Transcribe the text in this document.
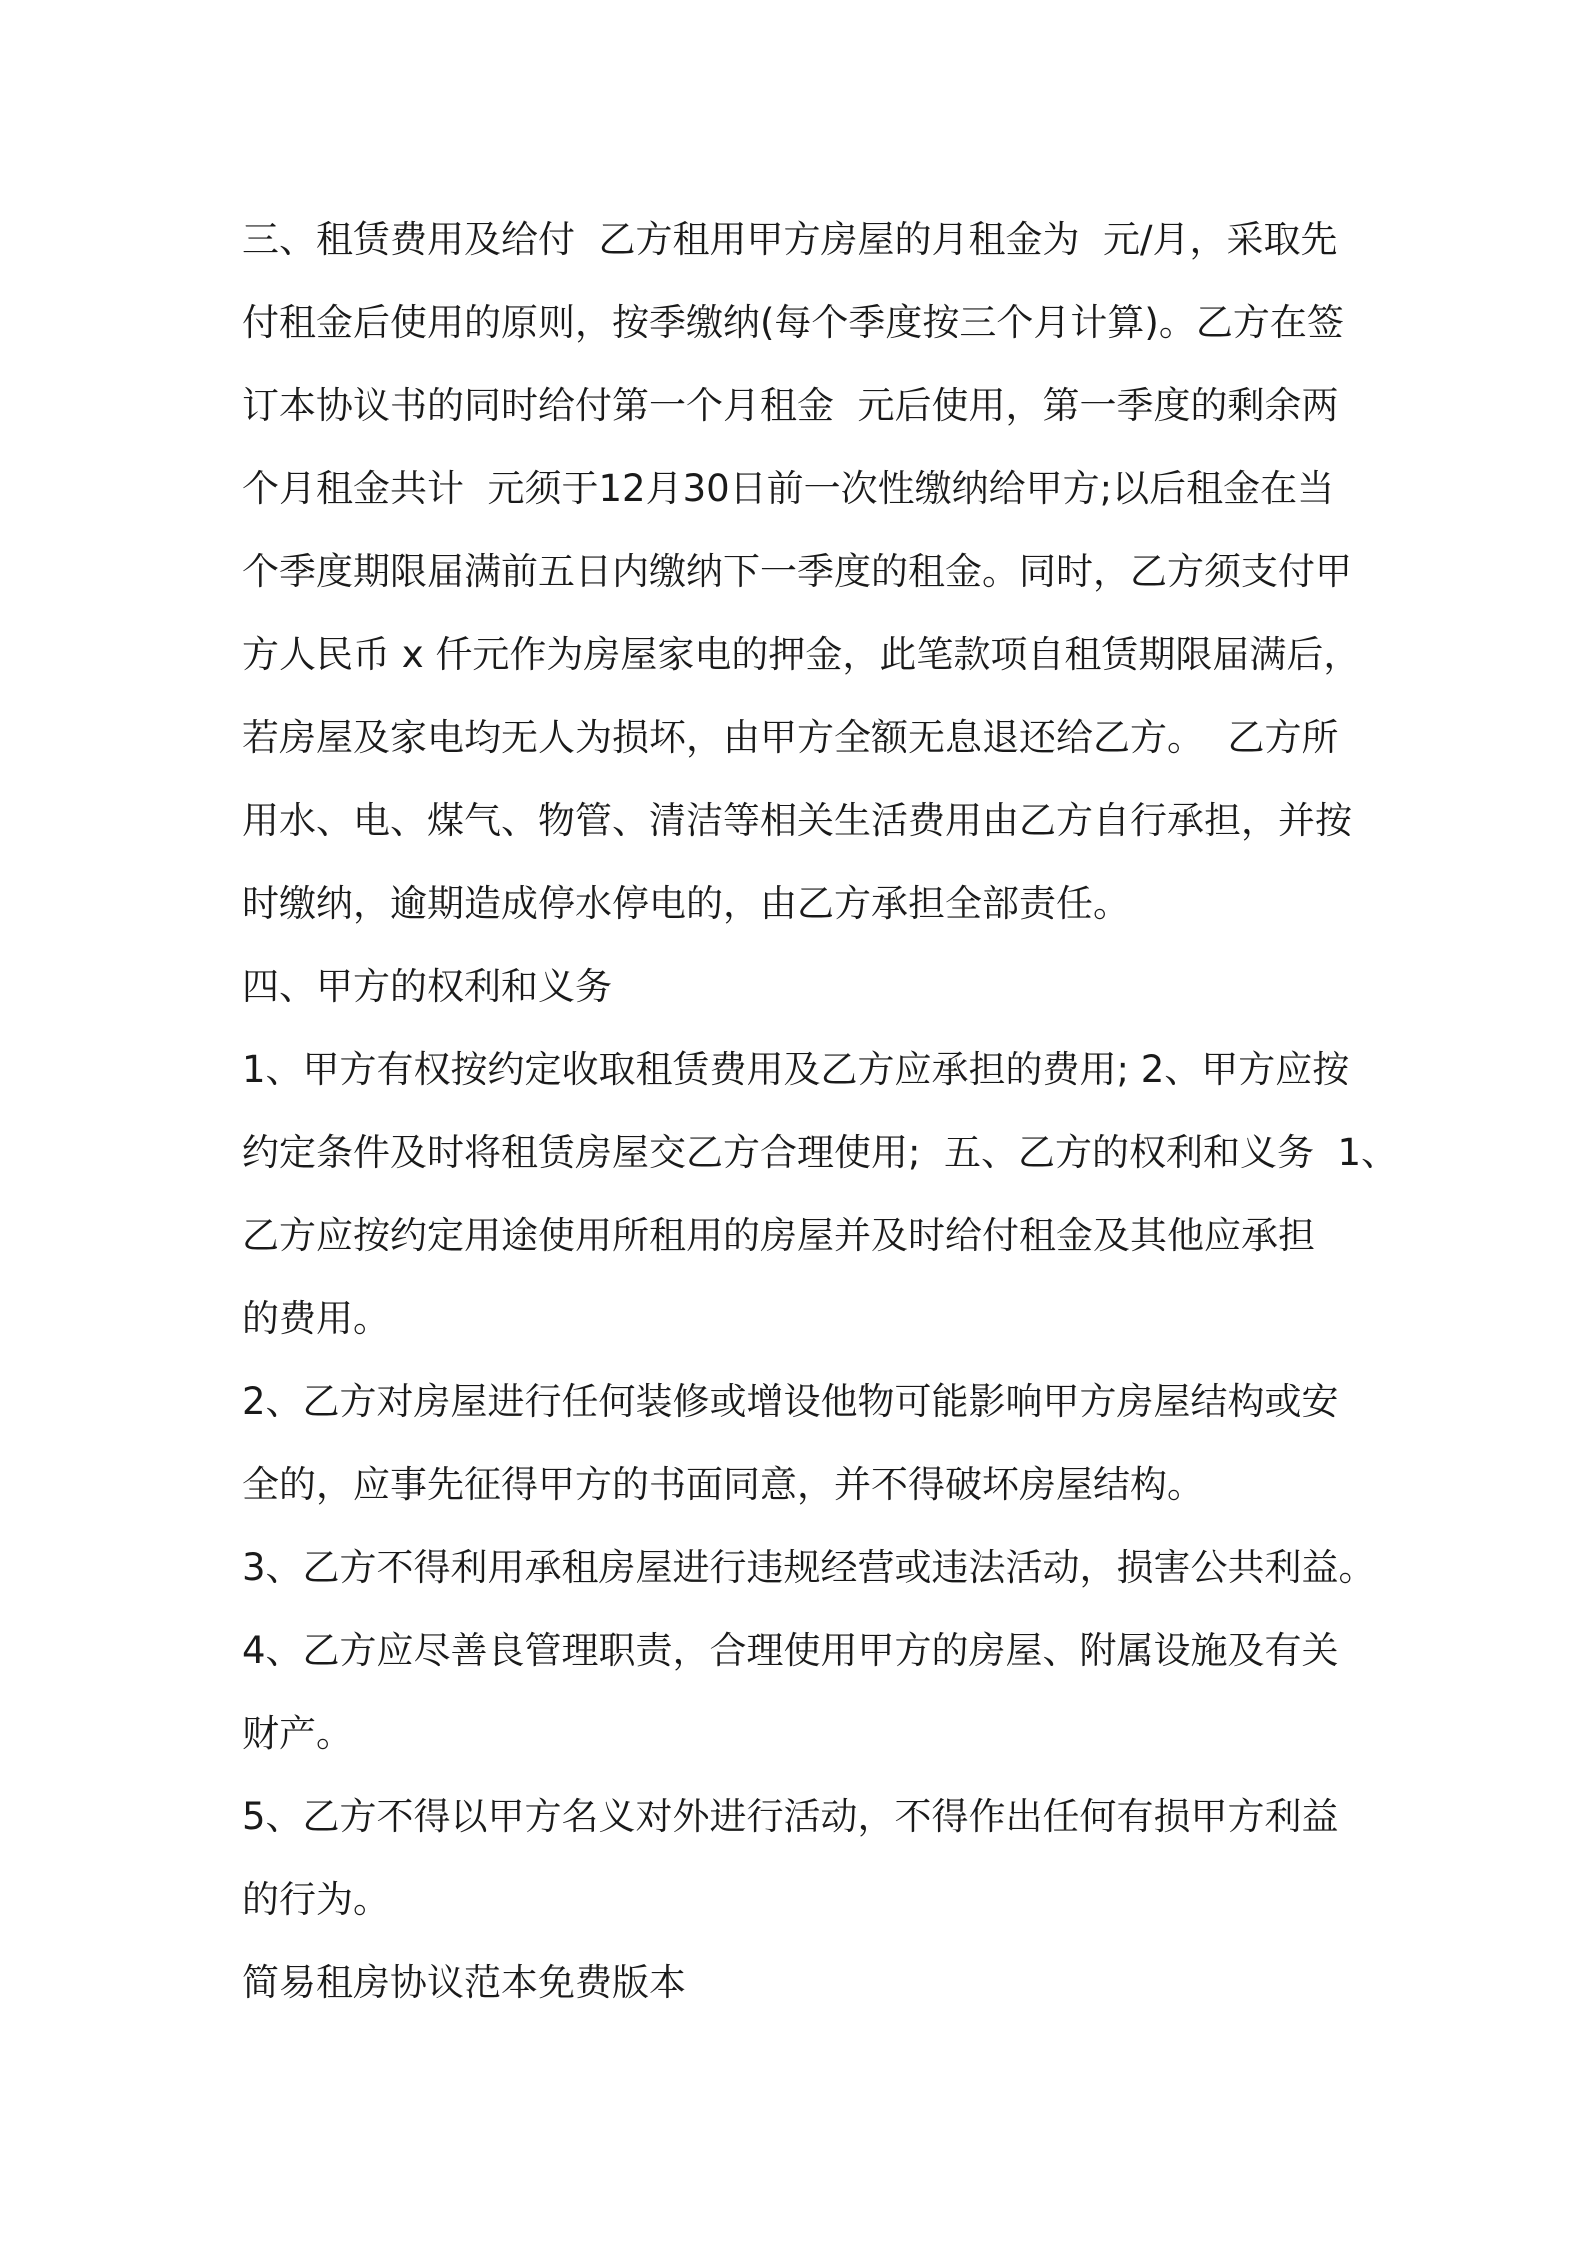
三、租赁费用及给付  乙方租用甲方房屋的月租金为  元/月，采取先

付租金后使用的原则，按季缴纳(每个季度按三个月计算)。乙方在签

订本协议书的同时给付第一个月租金  元后使用，第一季度的剩余两

个月租金共计  元须于12月30日前一次性缴纳给甲方;以后租金在当

个季度期限届满前五日内缴纳下一季度的租金。同时，乙方须支付甲

方人民币 x 仟元作为房屋家电的押金，此笔款项自租赁期限届满后，

若房屋及家电均无人为损坏，由甲方全额无息退还给乙方。  乙方所

用水、电、煤气、物管、清洁等相关生活费用由乙方自行承担，并按

时缴纳，逾期造成停水停电的，由乙方承担全部责任。

四、甲方的权利和义务

1、甲方有权按约定收取租赁费用及乙方应承担的费用; 2、甲方应按

约定条件及时将租赁房屋交乙方合理使用;  五、乙方的权利和义务  1、

乙方应按约定用途使用所租用的房屋并及时给付租金及其他应承担

的费用。

2、乙方对房屋进行任何装修或增设他物可能影响甲方房屋结构或安

全的，应事先征得甲方的书面同意，并不得破坏房屋结构。

3、乙方不得利用承租房屋进行违规经营或违法活动，损害公共利益。

4、乙方应尽善良管理职责，合理使用甲方的房屋、附属设施及有关

财产。

5、乙方不得以甲方名义对外进行活动，不得作出任何有损甲方利益

的行为。

简易租房协议范本免费版本
